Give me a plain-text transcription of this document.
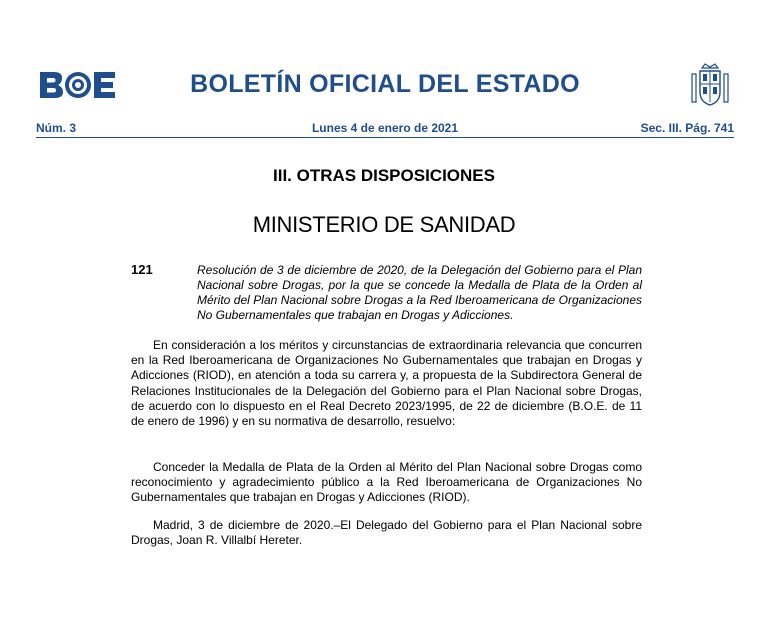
BOLETÍN OFICIAL DEL ESTADO
Núm. 3	Lunes 4 de enero de 2021	Sec. III. Pág. 741
III. OTRAS DISPOSICIONES
MINISTERIO DE SANIDAD
121	Resolución de 3 de diciembre de 2020, de la Delegación del Gobierno para el Plan Nacional sobre Drogas, por la que se concede la Medalla de Plata de la Orden al Mérito del Plan Nacional sobre Drogas a la Red Iberoamericana de Organizaciones No Gubernamentales que trabajan en Drogas y Adicciones.
En consideración a los méritos y circunstancias de extraordinaria relevancia que concurren en la Red Iberoamericana de Organizaciones No Gubernamentales que trabajan en Drogas y Adicciones (RIOD), en atención a toda su carrera y, a propuesta de la Subdirectora General de Relaciones Institucionales de la Delegación del Gobierno para el Plan Nacional sobre Drogas, de acuerdo con lo dispuesto en el Real Decreto 2023/1995, de 22 de diciembre (B.O.E. de 11 de enero de 1996) y en su normativa de desarrollo, resuelvo:
Conceder la Medalla de Plata de la Orden al Mérito del Plan Nacional sobre Drogas como reconocimiento y agradecimiento público a la Red Iberoamericana de Organizaciones No Gubernamentales que trabajan en Drogas y Adicciones (RIOD).
Madrid, 3 de diciembre de 2020.–El Delegado del Gobierno para el Plan Nacional sobre Drogas, Joan R. Villalbí Hereter.
